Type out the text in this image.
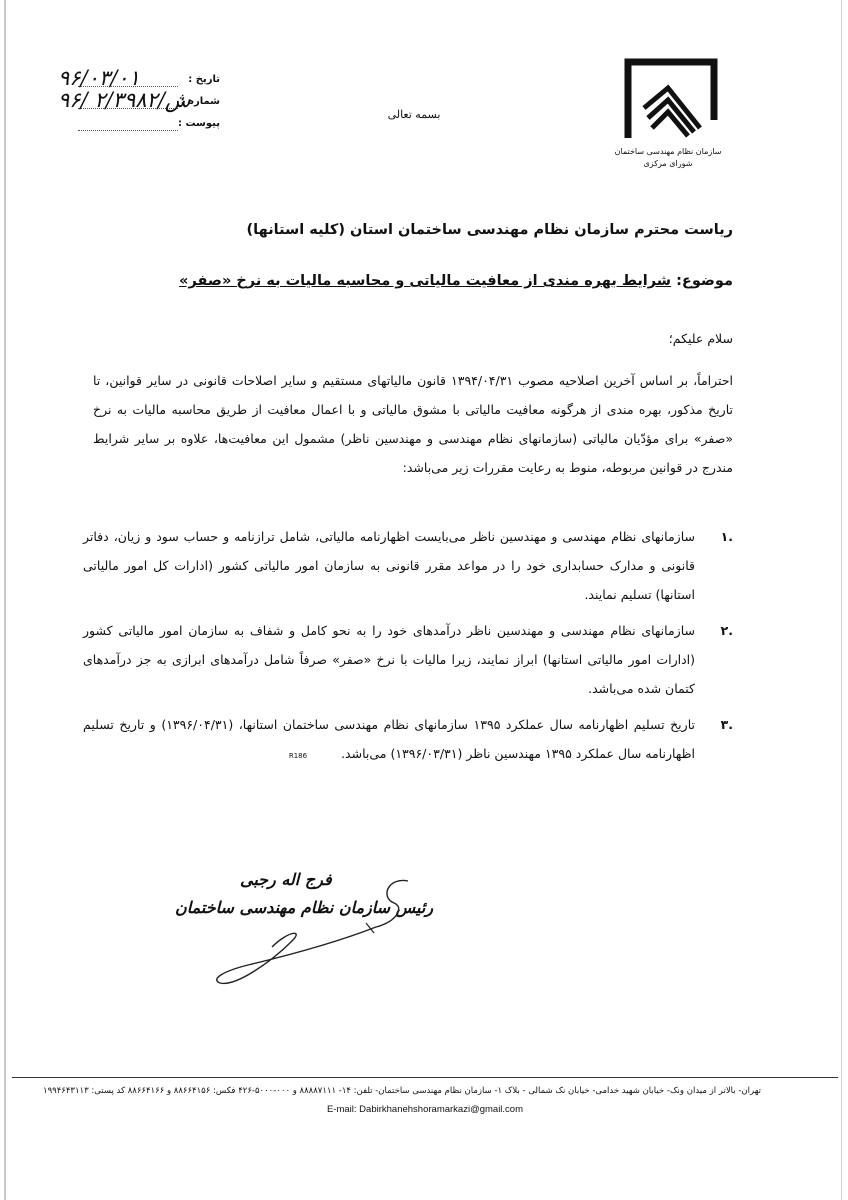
سازمان نظام مهندسی ساختمان
شورای مرکزی
بسمه تعالی
تاریخ :
۹۶/۰۳/۰۱
شماره :
ش/۲/۳۹۸۲ /۹۶
پیوست :
ریاست محترم سازمان نظام مهندسی ساختمان استان (کلیه استانها)
موضوع: شرایط بهره مندی از معافیت مالیاتی و محاسبه مالیات به نرخ «صفر»
سلام علیکم؛
احتراماً، بر اساس آخرین اصلاحیه مصوب ۱۳۹۴/۰۴/۳۱ قانون مالیاتهای مستقیم و سایر اصلاحات قانونی در سایر قوانین، تا تاریخ مذکور، بهره مندی از هرگونه معافیت مالیاتی با مشوق مالیاتی و با اعمال معافیت از طریق محاسبه مالیات به نرخ «صفر» برای مؤدّیان مالیاتی (سازمانهای نظام مهندسی و مهندسین ناظر) مشمول این معافیت‌ها، علاوه بر سایر شرایط مندرج در قوانین مربوطه، منوط به رعایت مقررات زیر می‌باشد:
.۱
سازمانهای نظام مهندسی و مهندسین ناظر می‌بایست اظهارنامه مالیاتی، شامل ترازنامه و حساب سود و زیان، دفاتر قانونی و مدارک حسابداری خود را در مواعد مقرر قانونی به سازمان امور مالیاتی کشور (ادارات کل امور مالیاتی استانها) تسلیم نمایند.
.۲
سازمانهای نظام مهندسی و مهندسین ناظر درآمدهای خود را به نحو کامل و شفاف به سازمان امور مالیاتی کشور (ادارات امور مالیاتی استانها) ابراز نمایند، زیرا مالیات با نرخ «صفر» صرفاً شامل درآمدهای ابرازی به جز درآمدهای کتمان شده می‌باشد.
.۳
تاریخ تسلیم اظهارنامه سال عملکرد ۱۳۹۵ سازمانهای نظام مهندسی ساختمان استانها، (۱۳۹۶/۰۴/۳۱) و تاریخ تسلیم اظهارنامه سال عملکرد ۱۳۹۵ مهندسین ناظر (۱۳۹۶/۰۳/۳۱) می‌باشد. R186
فرج اله رجبی
رئیس سازمان نظام مهندسی ساختمان
تهران- بالاتر از میدان ونک- خیابان شهید خدامی- خیابان نک شمالی - بلاک ۱- سازمان نظام مهندسی ساختمان- تلفن: ۱۴- ۸۸۸۸۷۱۱۱ و ۰۰۰-۵۰۰۰-۴۲۶ فکس: ۸۸۶۶۴۱۵۶ و ۸۸۶۶۴۱۶۶ کد پستی: ۱۹۹۴۶۴۳۱۱۳
E-mail: Dabirkhanehshoramarkazi@gmail.com
